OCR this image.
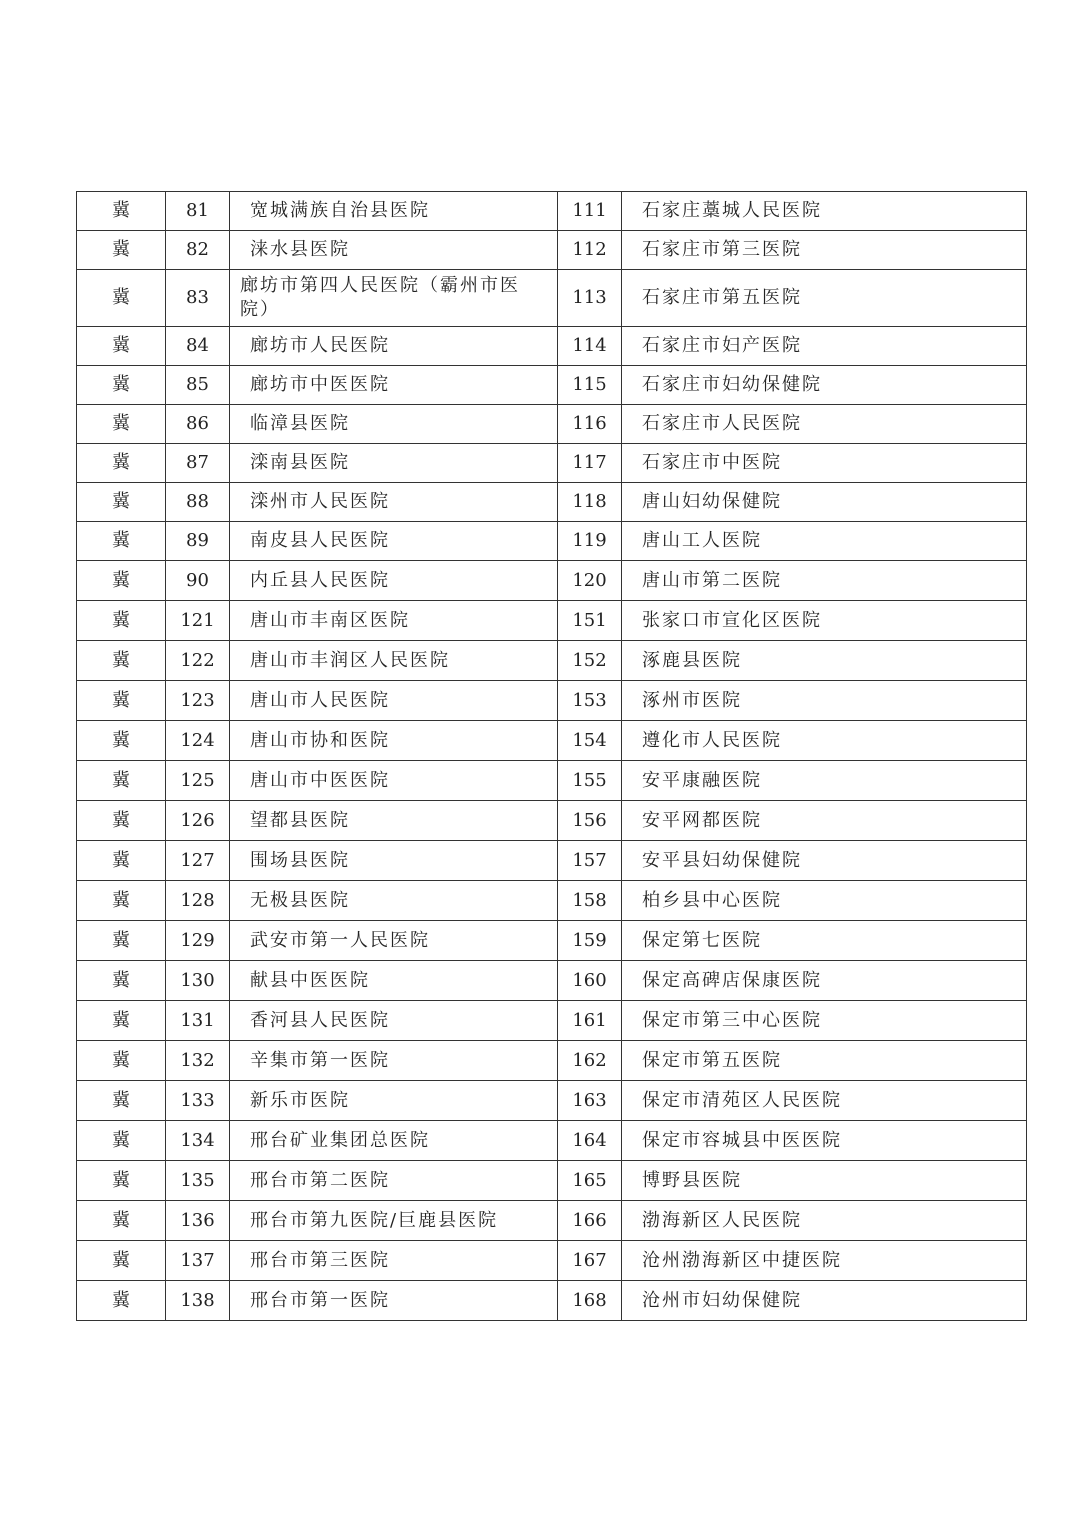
冀	81	宽城满族自治县医院	111	石家庄藁城人民医院
冀	82	涞水县医院	112	石家庄市第三医院
冀	83	廊坊市第四人民医院（霸州市医院）	113	石家庄市第五医院
冀	84	廊坊市人民医院	114	石家庄市妇产医院
冀	85	廊坊市中医医院	115	石家庄市妇幼保健院
冀	86	临漳县医院	116	石家庄市人民医院
冀	87	滦南县医院	117	石家庄市中医院
冀	88	滦州市人民医院	118	唐山妇幼保健院
冀	89	南皮县人民医院	119	唐山工人医院
冀	90	内丘县人民医院	120	唐山市第二医院
冀	121	唐山市丰南区医院	151	张家口市宣化区医院
冀	122	唐山市丰润区人民医院	152	涿鹿县医院
冀	123	唐山市人民医院	153	涿州市医院
冀	124	唐山市协和医院	154	遵化市人民医院
冀	125	唐山市中医医院	155	安平康融医院
冀	126	望都县医院	156	安平网都医院
冀	127	围场县医院	157	安平县妇幼保健院
冀	128	无极县医院	158	柏乡县中心医院
冀	129	武安市第一人民医院	159	保定第七医院
冀	130	献县中医医院	160	保定高碑店保康医院
冀	131	香河县人民医院	161	保定市第三中心医院
冀	132	辛集市第一医院	162	保定市第五医院
冀	133	新乐市医院	163	保定市清苑区人民医院
冀	134	邢台矿业集团总医院	164	保定市容城县中医医院
冀	135	邢台市第二医院	165	博野县医院
冀	136	邢台市第九医院/巨鹿县医院	166	渤海新区人民医院
冀	137	邢台市第三医院	167	沧州渤海新区中捷医院
冀	138	邢台市第一医院	168	沧州市妇幼保健院
